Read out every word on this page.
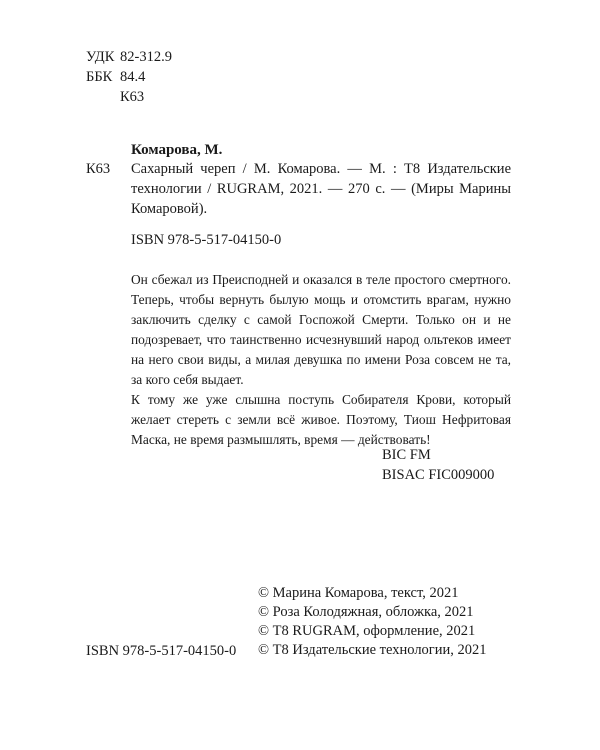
УДК 82-312.9
ББК 84.4
К63
Комарова, М.
К63 Сахарный череп / М. Комарова. — М. : Т8 Издательские технологии / RUGRAM, 2021. — 270 с. — (Миры Марины Комаровой).
ISBN 978-5-517-04150-0

Он сбежал из Преисподней и оказался в теле простого смертного. Теперь, чтобы вернуть былую мощь и отомстить врагам, нужно заключить сделку с самой Госпожой Смерти. Только он и не подозревает, что таинственно исчезнувший народ ольтеков имеет на него свои виды, а милая девушка по имени Роза совсем не та, за кого себя выдает.

К тому же уже слышна поступь Собирателя Крови, который желает стереть с земли всё живое. Поэтому, Тиош Нефритовая Маска, не время размышлять, время — действовать!

BIC FM
BISAC FIC009000
© Марина Комарова, текст, 2021
© Роза Колодяжная, обложка, 2021
© Т8 RUGRAM, оформление, 2021
© Т8 Издательские технологии, 2021
ISBN 978-5-517-04150-0
